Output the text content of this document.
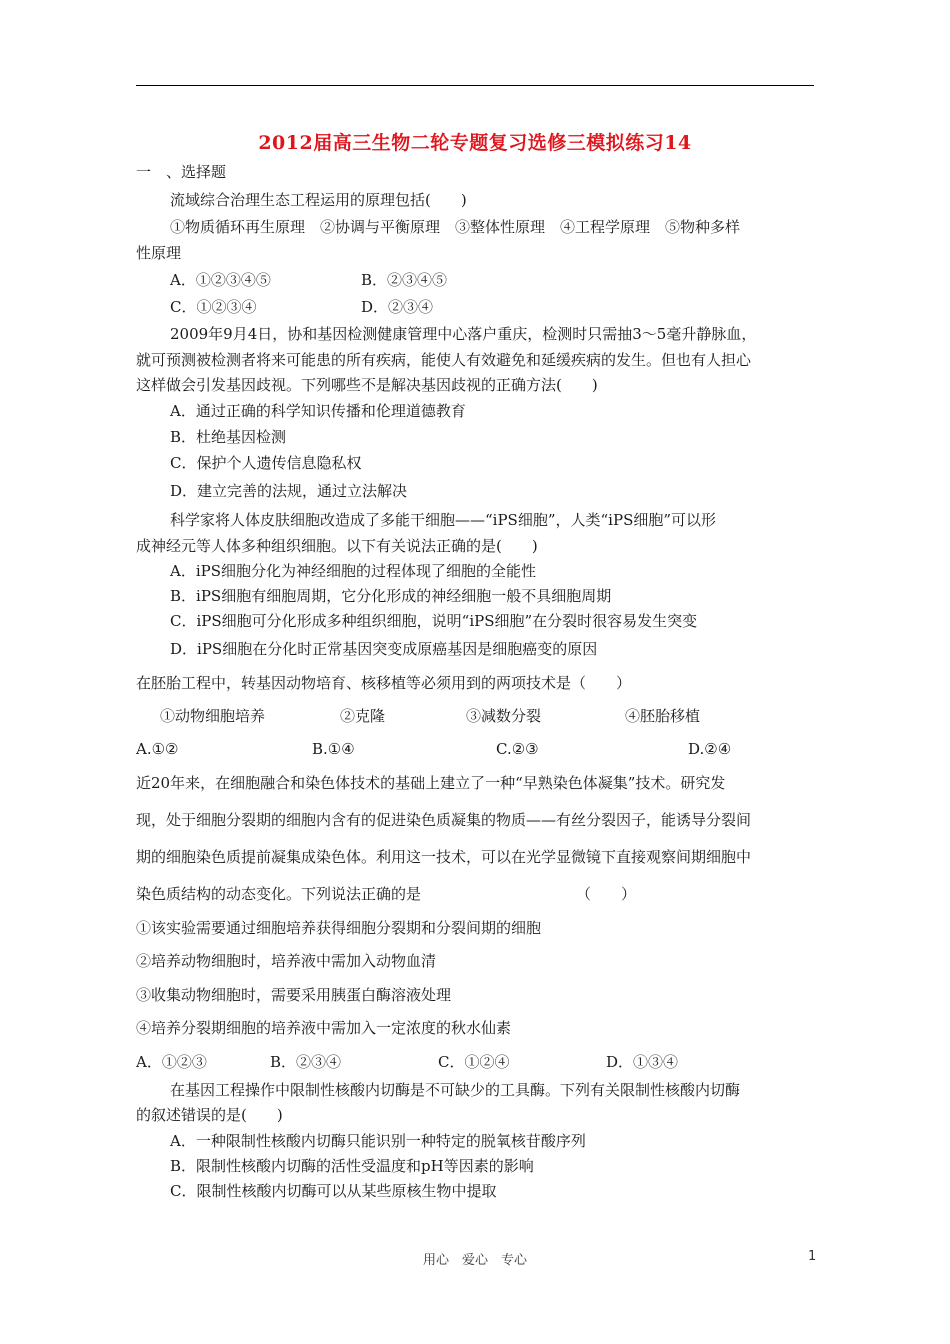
2012届高三生物二轮专题复习选修三模拟练习14
一　、选择题
流域综合治理生态工程运用的原理包括(　　)
①物质循环再生原理　②协调与平衡原理　③整体性原理　④工程学原理　⑤物种多样
性原理
A．①②③④⑤	B．②③④⑤
C．①②③④	D．②③④
2009年9月4日，协和基因检测健康管理中心落户重庆，检测时只需抽3～5毫升静脉血，
就可预测被检测者将来可能患的所有疾病，能使人有效避免和延缓疾病的发生。但也有人担心
这样做会引发基因歧视。下列哪些不是解决基因歧视的正确方法(　　)
A．通过正确的科学知识传播和伦理道德教育
B．杜绝基因检测
C．保护个人遗传信息隐私权
D．建立完善的法规，通过立法解决
科学家将人体皮肤细胞改造成了多能干细胞——“iPS细胞”，人类“iPS细胞”可以形
成神经元等人体多种组织细胞。以下有关说法正确的是(　　)
A．iPS细胞分化为神经细胞的过程体现了细胞的全能性
B．iPS细胞有细胞周期，它分化形成的神经细胞一般不具细胞周期
C．iPS细胞可分化形成多种组织细胞，说明“iPS细胞”在分裂时很容易发生突变
D．iPS细胞在分化时正常基因突变成原癌基因是细胞癌变的原因
在胚胎工程中，转基因动物培育、核移植等必须用到的两项技术是（　　）
①动物细胞培养	②克隆	③减数分裂	④胚胎移植
A.①②	B.①④	C.②③	D.②④
近20年来，在细胞融合和染色体技术的基础上建立了一种“早熟染色体凝集”技术。研究发
现，处于细胞分裂期的细胞内含有的促进染色质凝集的物质——有丝分裂因子，能诱导分裂间
期的细胞染色质提前凝集成染色体。利用这一技术，可以在光学显微镜下直接观察间期细胞中
染色质结构的动态变化。下列说法正确的是	（　　）
①该实验需要通过细胞培养获得细胞分裂期和分裂间期的细胞
②培养动物细胞时，培养液中需加入动物血清
③收集动物细胞时，需要采用胰蛋白酶溶液处理
④培养分裂期细胞的培养液中需加入一定浓度的秋水仙素
A．①②③	B．②③④	C．①②④	D．①③④
在基因工程操作中限制性核酸内切酶是不可缺少的工具酶。下列有关限制性核酸内切酶
的叙述错误的是(　　)
A．一种限制性核酸内切酶只能识别一种特定的脱氧核苷酸序列
B．限制性核酸内切酶的活性受温度和pH等因素的影响
C．限制性核酸内切酶可以从某些原核生物中提取
用心　爱心　专心	1
